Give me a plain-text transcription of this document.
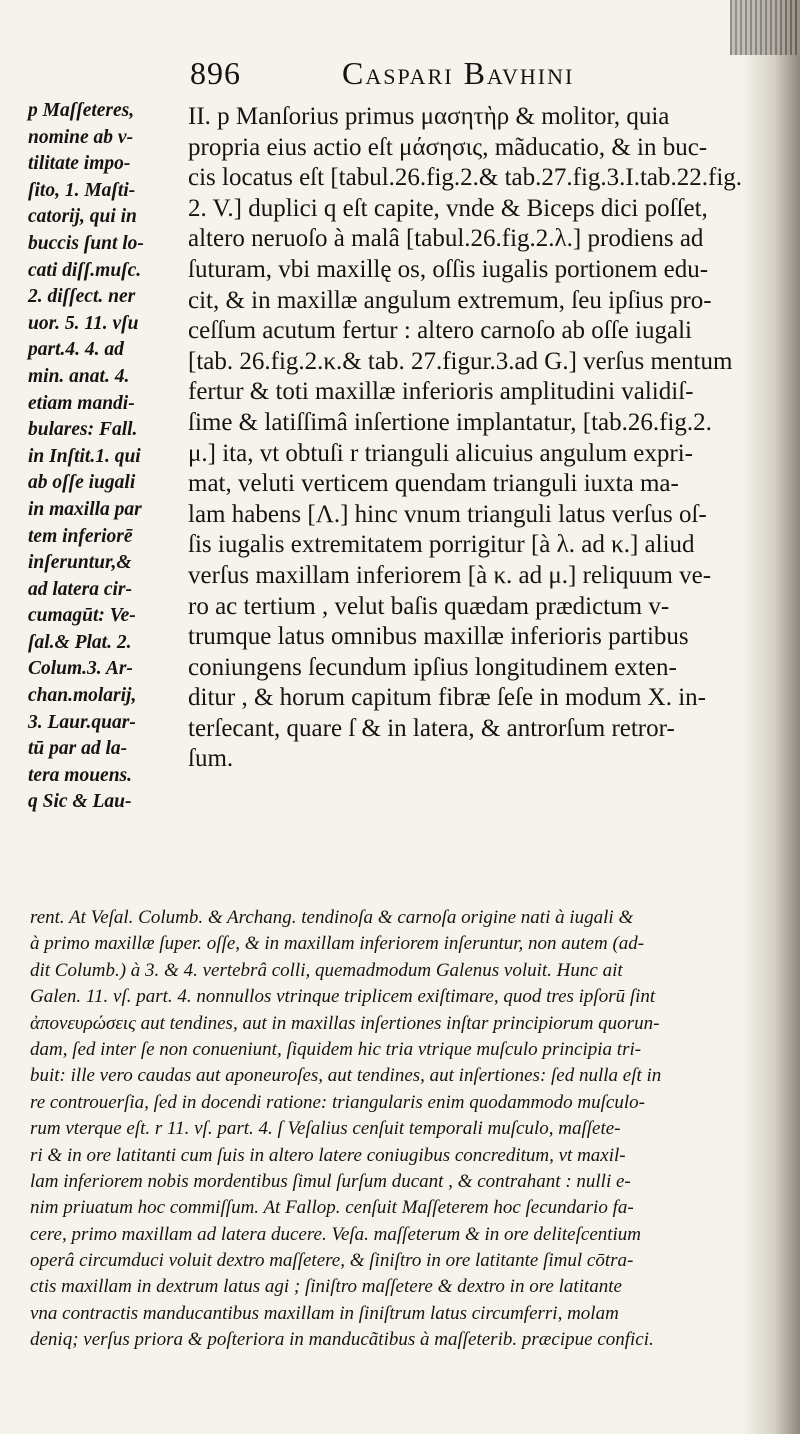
896	Caspari Bavhini
p Maſſeteres,
nomine ab v-
tilitate impo-
ſito, 1. Maſti-
catorij, qui in
buccis ſunt lo-
cati diſſ.muſc.
2. diſſect. ner
uor. 5. 11. vſu
part.4. 4. ad
min. anat. 4.
etiam mandi-
bulares: Fall.
in Inſtit.1. qui
ab oſſe iugali
in maxilla par
tem inferiorē
inſeruntur,&
ad latera cir-
cumagūt: Ve-
ſal.& Plat. 2.
Colum.3. Ar-
chan.molarij,
3. Laur.quar-
tū par ad la-
tera mouens.
q Sic & Lau-
II. p Manſorius primus μασητὴρ & molitor, quia
propria eius actio eſt μάσησις, mãducatio, & in buc-
cis locatus eſt [tabul.26.fig.2.& tab.27.fig.3.I.tab.22.fig.
2. V.] duplici q eſt capite, vnde & Biceps dici poſſet,
altero neruoſo à malâ [tabul.26.fig.2.λ.] prodiens ad
ſuturam, vbi maxillę os, oſſis iugalis portionem edu-
cit, & in maxillæ angulum extremum, ſeu ipſius pro-
ceſſum acutum fertur : altero carnoſo ab oſſe iugali
[tab. 26.fig.2.κ.& tab. 27.figur.3.ad G.] verſus mentum
fertur & toti maxillæ inferioris amplitudini validiſ-
ſime & latiſſimâ inſertione implantatur, [tab.26.fig.2.
μ.] ita, vt obtuſi r trianguli alicuius angulum expri-
mat, veluti verticem quendam trianguli iuxta ma-
lam habens [Λ.] hinc vnum trianguli latus verſus oſ-
ſis iugalis extremitatem porrigitur [à λ. ad κ.] aliud
verſus maxillam inferiorem [à κ. ad μ.] reliquum ve-
ro ac tertium , velut baſis quædam prædictum v-
trumque latus omnibus maxillæ inferioris partibus
coniungens ſecundum ipſius longitudinem exten-
ditur , & horum capitum fibræ ſeſe in modum X. in-
terſecant, quare ſ & in latera, & antrorſum retror-
ſum.
rent. At Veſal. Columb. & Archang. tendinoſa & carnoſa origine nati à iugali &
à primo maxillæ ſuper. oſſe, & in maxillam inferiorem inſeruntur, non autem (ad-
dit Columb.) à 3. & 4. vertebrâ colli, quemadmodum Galenus voluit. Hunc ait
Galen. 11. vſ. part. 4. nonnullos vtrinque triplicem exiſtimare, quod tres ipſorū ſint
ἀπονευρώσεις aut tendines, aut in maxillas inſertiones inſtar principiorum quorun-
dam, ſed inter ſe non conueniunt, ſiquidem hic tria vtrique muſculo principia tri-
buit: ille vero caudas aut aponeuroſes, aut tendines, aut inſertiones: ſed nulla eſt in
re controuerſia, ſed in docendi ratione: triangularis enim quodammodo muſculo-
rum vterque eſt. r 11. vſ. part. 4. ſ Veſalius cenſuit temporali muſculo, maſſete-
ri & in ore latitanti cum ſuis in altero latere coniugibus concreditum, vt maxil-
lam inferiorem nobis mordentibus ſimul ſurſum ducant , & contrahant : nulli e-
nim priuatum hoc commiſſum. At Fallop. cenſuit Maſſeterem hoc ſecundario fa-
cere, primo maxillam ad latera ducere. Veſa. maſſeterum & in ore deliteſcentium
operâ circumduci voluit dextro maſſetere, & ſiniſtro in ore latitante ſimul cōtra-
ctis maxillam in dextrum latus agi ; ſiniſtro maſſetere & dextro in ore latitante
vna contractis manducantibus maxillam in ſiniſtrum latus circumferri, molam
deniq; verſus priora & poſteriora in manducãtibus à maſſeterib. præcipue confici.
